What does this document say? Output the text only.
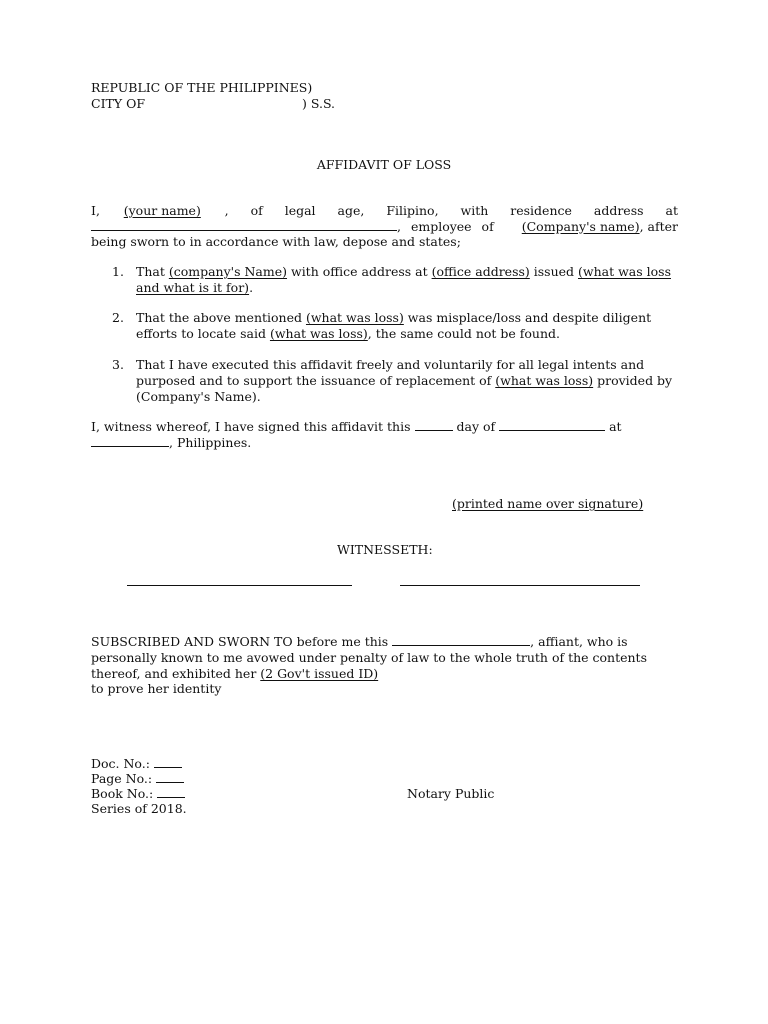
REPUBLIC OF THE PHILIPPINES)
CITY OF	) S.S.
AFFIDAVIT OF LOSS
I, (your name) , of legal age, Filipino, with residence address at
, employee of (Company's name), after
being sworn to in accordance with law, depose and states;
1. That (company's Name) with office address at (office address) issued (what was loss and what is it for).
2. That the above mentioned (what was loss) was misplace/loss and despite diligent efforts to locate said (what was loss), the same could not be found.
3. That I have executed this affidavit freely and voluntarily for all legal intents and purposed and to support the issuance of replacement of (what was loss) provided by (Company's Name).
I, witness whereof, I have signed this affidavit this	day of	at
, Philippines.
(printed name over signature)
WITNESSETH:
SUBSCRIBED AND SWORN TO before me this	, affiant, who is
personally known to me avowed under penalty of law to the whole truth of the contents
thereof, and exhibited her (2 Gov't issued ID)
to prove her identity
Doc. No.:
Page No.:
Book No.:
Series of 2018.
Notary Public
